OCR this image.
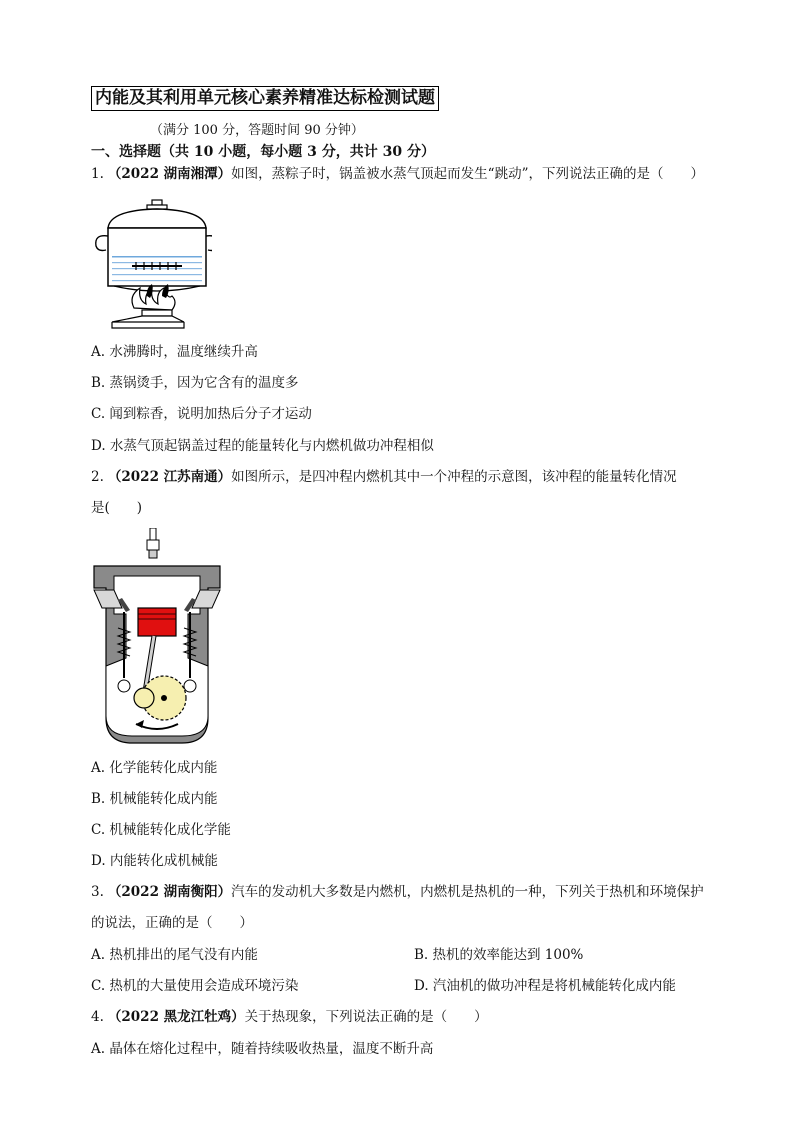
内能及其利用单元核心素养精准达标检测试题
（满分 100 分，答题时间 90 分钟）
一、选择题（共 10 小题，每小题 3 分，共计 30 分）
1. （2022 湖南湘潭）如图，蒸粽子时，锅盖被水蒸气顶起而发生“跳动”，下列说法正确的是（　　）
A. 水沸腾时，温度继续升高
B. 蒸锅烫手，因为它含有的温度多
C. 闻到粽香，说明加热后分子才运动
D. 水蒸气顶起锅盖过程的能量转化与内燃机做功冲程相似
2. （2022 江苏南通）如图所示，是四冲程内燃机其中一个冲程的示意图，该冲程的能量转化情况
是(　　)
A. 化学能转化成内能
B. 机械能转化成内能
C. 机械能转化成化学能
D. 内能转化成机械能
3. （2022 湖南衡阳）汽车的发动机大多数是内燃机，内燃机是热机的一种，下列关于热机和环境保护
的说法，正确的是（　　）
A. 热机排出的尾气没有内能	B. 热机的效率能达到 100%
C. 热机的大量使用会造成环境污染	D. 汽油机的做功冲程是将机械能转化成内能
4. （2022 黑龙江牡鸡）关于热现象，下列说法正确的是（　　）
A. 晶体在熔化过程中，随着持续吸收热量，温度不断升高
